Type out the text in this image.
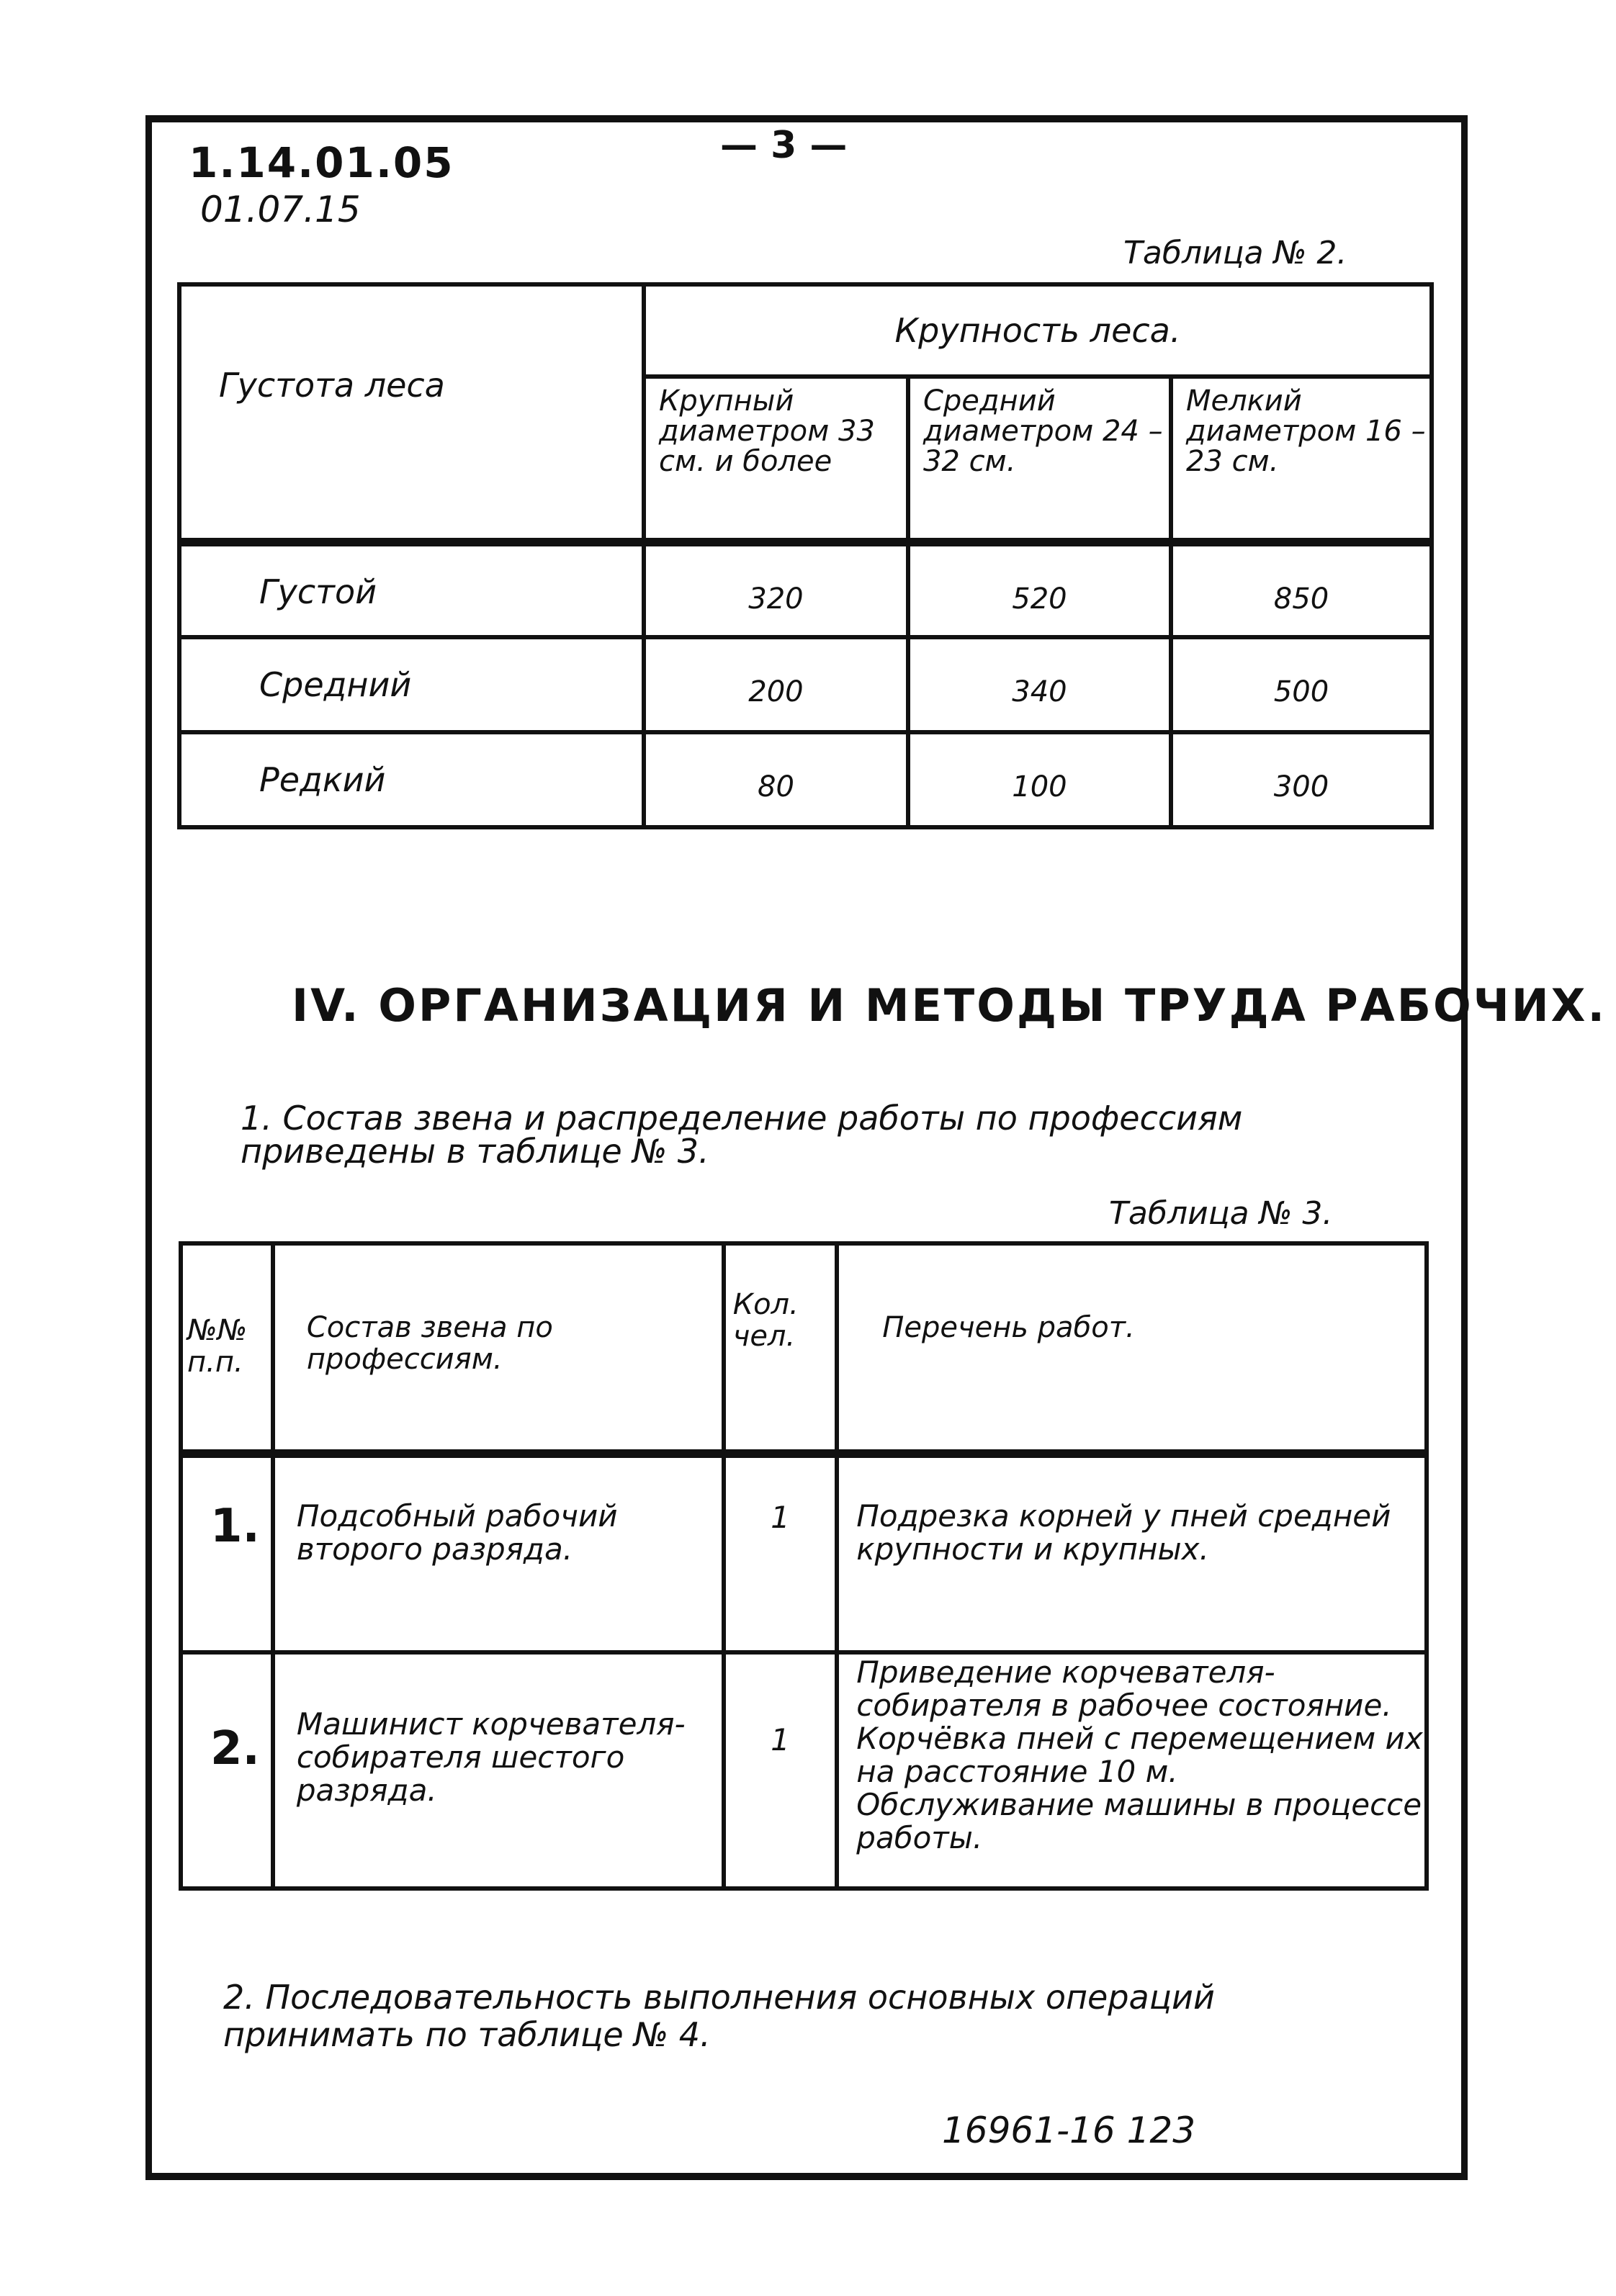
1.14.01.05
01.07.15
— 3 —
Таблица № 2.
Густота леса	Крупность леса.		
	Крупный диаметром 33 см. и более	Средний диаметром 24 – 32 см.	Мелкий диаметром 16 – 23 см.
Густой	320	520	850
Средний	200	340	500
Редкий	80	100	300
IV. ОРГАНИЗАЦИЯ И МЕТОДЫ ТРУДА РАБОЧИХ.
1. Состав звена и распределение работы по профессиям приведены в таблице № 3.
Таблица № 3.
№№ п.п.	Состав звена по профессиям.	Кол. чел.	Перечень работ.
1.	Подсобный рабочий второго разряда.	1	Подрезка корней у пней средней крупности и крупных.
2.	Машинист корчевателя-собирателя шестого разряда.	1	Приведение корчевателя-собирателя в рабочее состояние. Корчёвка пней с перемещением их на расстояние 10 м. Обслуживание машины в процессе работы.
2. Последовательность выполнения основных операций принимать по таблице № 4.
16961-16 123
